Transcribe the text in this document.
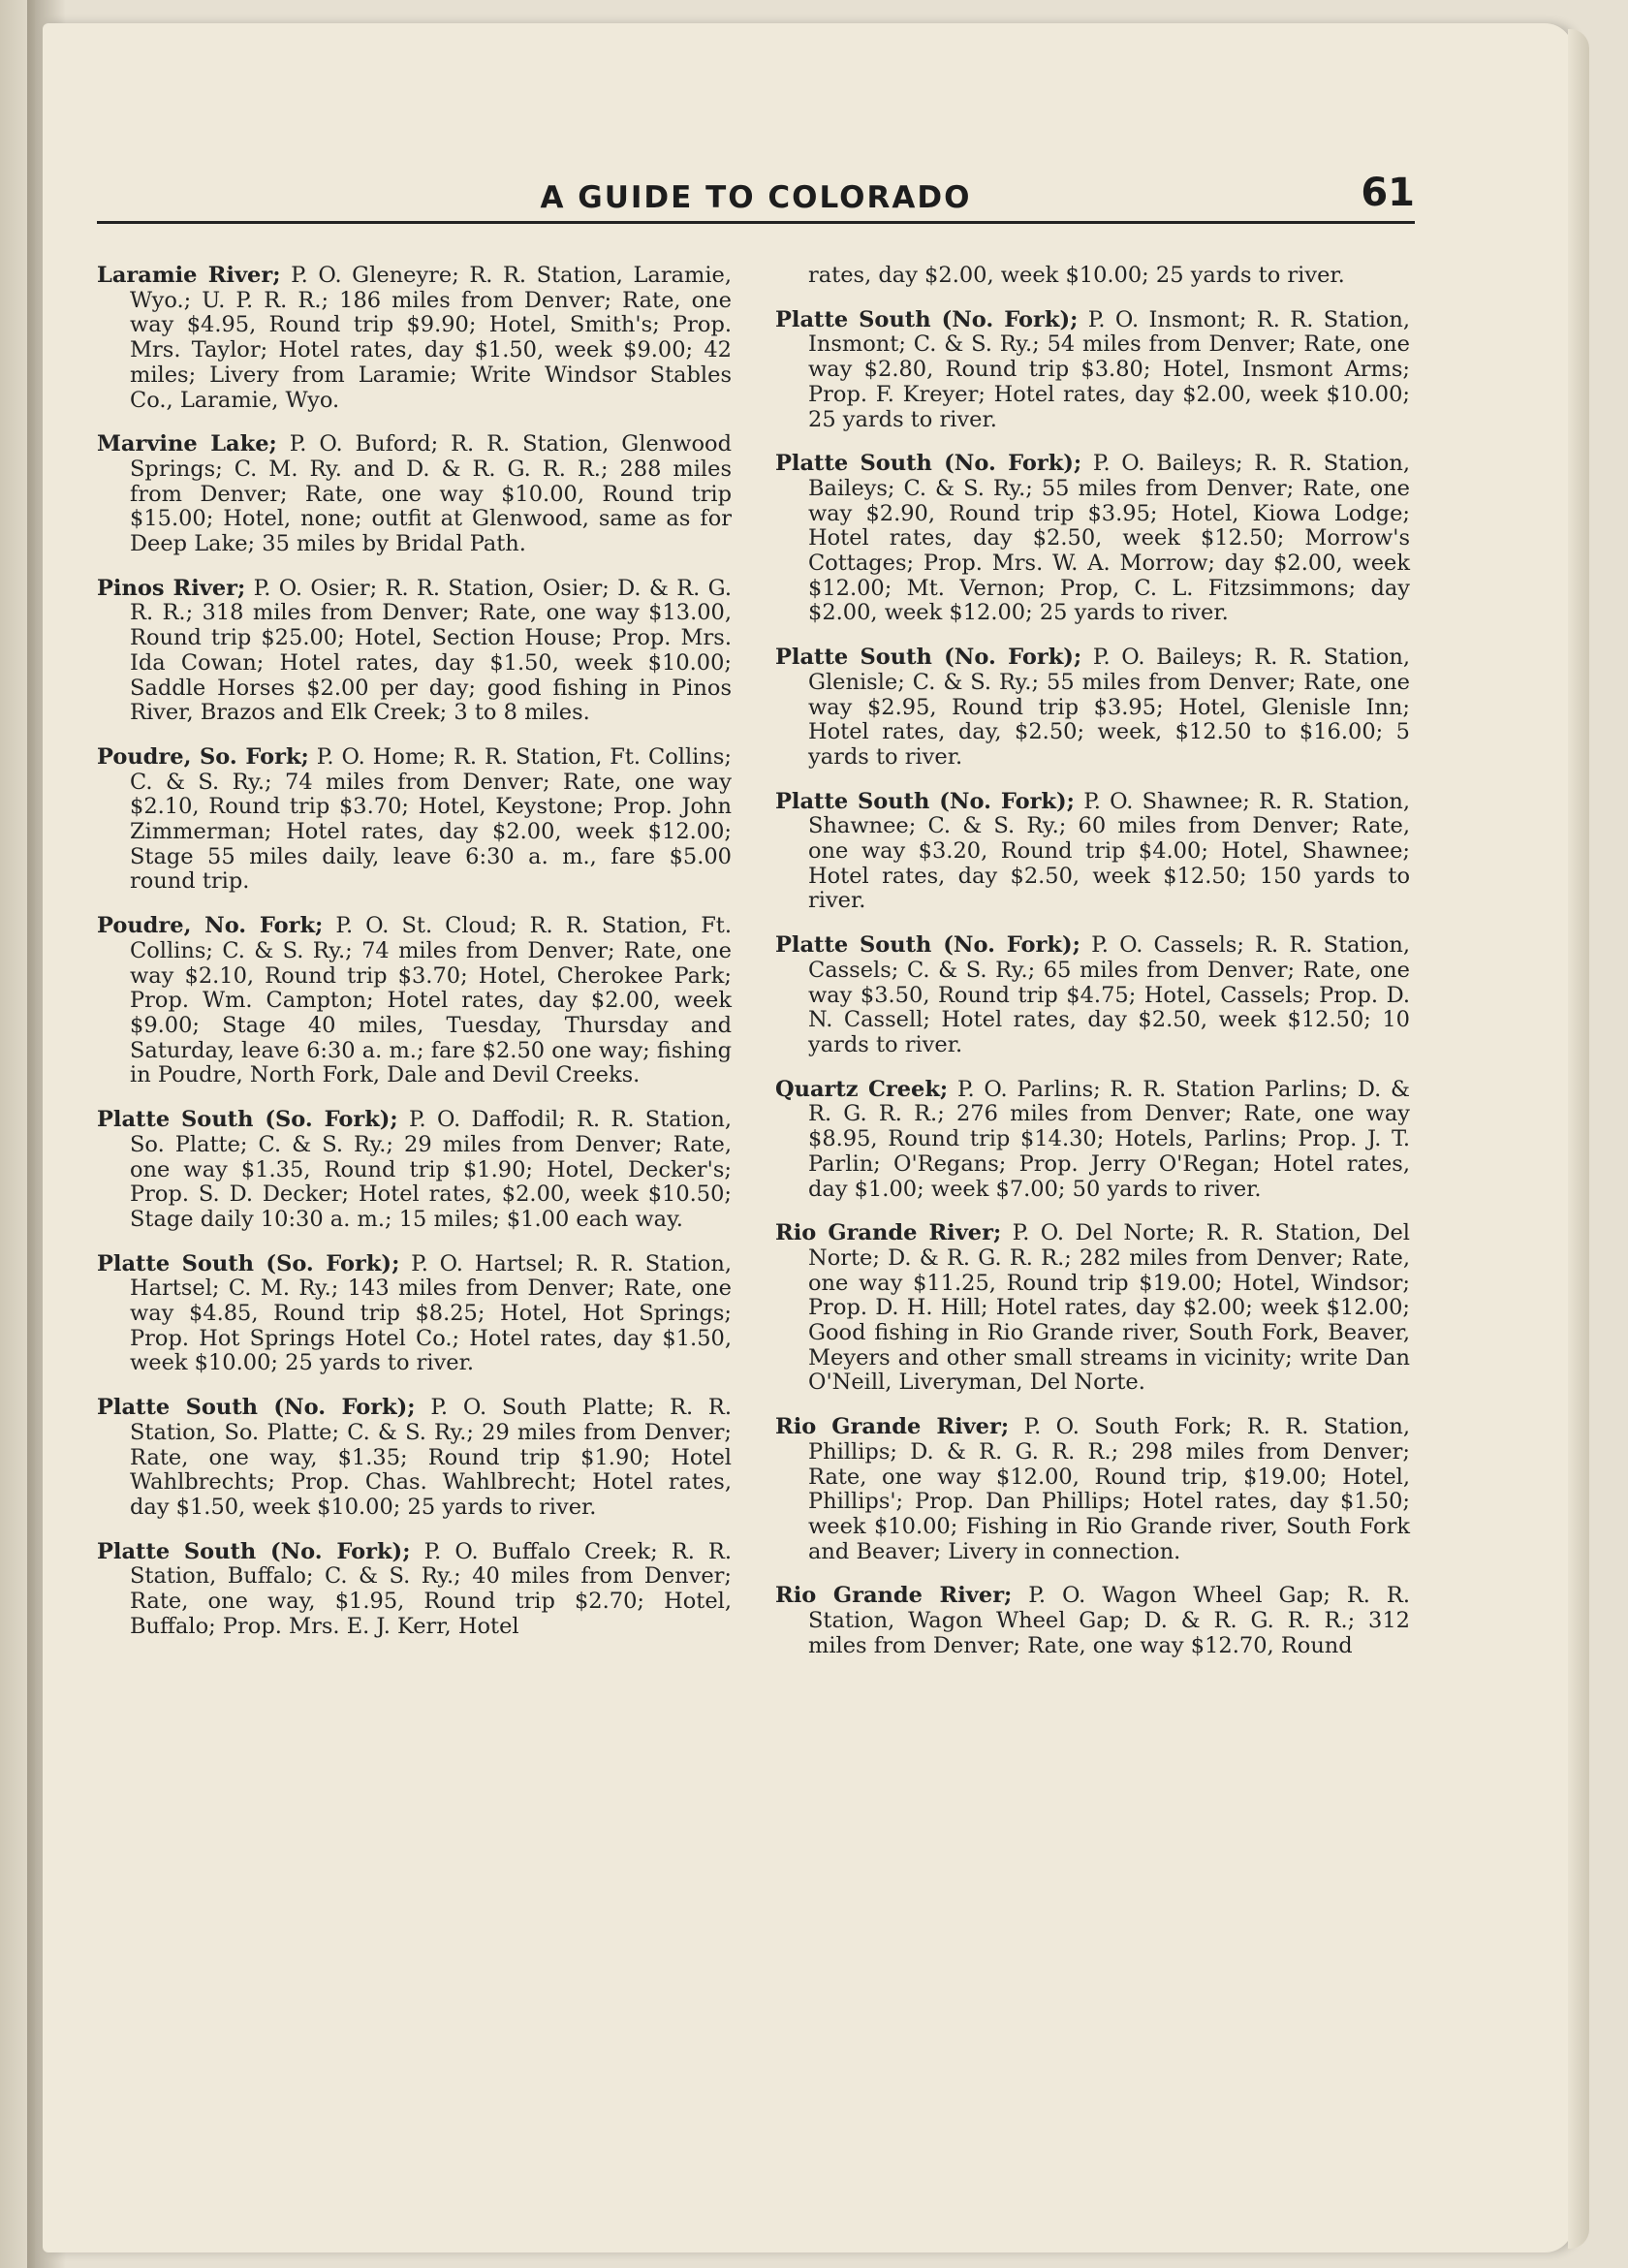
A GUIDE TO COLORADO	61

Laramie River; P. O. Gleneyre; R. R. Station, Laramie, Wyo.; U. P. R. R.; 186 miles from Denver; Rate, one way $4.95, Round trip $9.90; Hotel, Smith's; Prop. Mrs. Taylor; Hotel rates, day $1.50, week $9.00; 42 miles; Livery from Laramie; Write Windsor Stables Co., Laramie, Wyo.

Marvine Lake; P. O. Buford; R. R. Station, Glenwood Springs; C. M. Ry. and D. & R. G. R. R.; 288 miles from Denver; Rate, one way $10.00, Round trip $15.00; Hotel, none; outfit at Glenwood, same as for Deep Lake; 35 miles by Bridal Path.

Pinos River; P. O. Osier; R. R. Station, Osier; D. & R. G. R. R.; 318 miles from Denver; Rate, one way $13.00, Round trip $25.00; Hotel, Section House; Prop. Mrs. Ida Cowan; Hotel rates, day $1.50, week $10.00; Saddle Horses $2.00 per day; good fishing in Pinos River, Brazos and Elk Creek; 3 to 8 miles.

Poudre, So. Fork; P. O. Home; R. R. Station, Ft. Collins; C. & S. Ry.; 74 miles from Denver; Rate, one way $2.10, Round trip $3.70; Hotel, Keystone; Prop. John Zimmerman; Hotel rates, day $2.00, week $12.00; Stage 55 miles daily, leave 6:30 a. m., fare $5.00 round trip.

Poudre, No. Fork; P. O. St. Cloud; R. R. Station, Ft. Collins; C. & S. Ry.; 74 miles from Denver; Rate, one way $2.10, Round trip $3.70; Hotel, Cherokee Park; Prop. Wm. Campton; Hotel rates, day $2.00, week $9.00; Stage 40 miles, Tuesday, Thursday and Saturday, leave 6:30 a. m.; fare $2.50 one way; fishing in Poudre, North Fork, Dale and Devil Creeks.

Platte South (So. Fork); P. O. Daffodil; R. R. Station, So. Platte; C. & S. Ry.; 29 miles from Denver; Rate, one way $1.35, Round trip $1.90; Hotel, Decker's; Prop. S. D. Decker; Hotel rates, $2.00, week $10.50; Stage daily 10:30 a. m.; 15 miles; $1.00 each way.

Platte South (So. Fork); P. O. Hartsel; R. R. Station, Hartsel; C. M. Ry.; 143 miles from Denver; Rate, one way $4.85, Round trip $8.25; Hotel, Hot Springs; Prop. Hot Springs Hotel Co.; Hotel rates, day $1.50, week $10.00; 25 yards to river.

Platte South (No. Fork); P. O. South Platte; R. R. Station, So. Platte; C. & S. Ry.; 29 miles from Denver; Rate, one way, $1.35; Round trip $1.90; Hotel Wahlbrechts; Prop. Chas. Wahlbrecht; Hotel rates, day $1.50, week $10.00; 25 yards to river.

Platte South (No. Fork); P. O. Buffalo Creek; R. R. Station, Buffalo; C. & S. Ry.; 40 miles from Denver; Rate, one way, $1.95, Round trip $2.70; Hotel, Buffalo; Prop. Mrs. E. J. Kerr, Hotel

rates, day $2.00, week $10.00; 25 yards to river.

Platte South (No. Fork); P. O. Insmont; R. R. Station, Insmont; C. & S. Ry.; 54 miles from Denver; Rate, one way $2.80, Round trip $3.80; Hotel, Insmont Arms; Prop. F. Kreyer; Hotel rates, day $2.00, week $10.00; 25 yards to river.

Platte South (No. Fork); P. O. Baileys; R. R. Station, Baileys; C. & S. Ry.; 55 miles from Denver; Rate, one way $2.90, Round trip $3.95; Hotel, Kiowa Lodge; Hotel rates, day $2.50, week $12.50; Morrow's Cottages; Prop. Mrs. W. A. Morrow; day $2.00, week $12.00; Mt. Vernon; Prop, C. L. Fitzsimmons; day $2.00, week $12.00; 25 yards to river.

Platte South (No. Fork); P. O. Baileys; R. R. Station, Glenisle; C. & S. Ry.; 55 miles from Denver; Rate, one way $2.95, Round trip $3.95; Hotel, Glenisle Inn; Hotel rates, day, $2.50; week, $12.50 to $16.00; 5 yards to river.

Platte South (No. Fork); P. O. Shawnee; R. R. Station, Shawnee; C. & S. Ry.; 60 miles from Denver; Rate, one way $3.20, Round trip $4.00; Hotel, Shawnee; Hotel rates, day $2.50, week $12.50; 150 yards to river.

Platte South (No. Fork); P. O. Cassels; R. R. Station, Cassels; C. & S. Ry.; 65 miles from Denver; Rate, one way $3.50, Round trip $4.75; Hotel, Cassels; Prop. D. N. Cassell; Hotel rates, day $2.50, week $12.50; 10 yards to river.

Quartz Creek; P. O. Parlins; R. R. Station Parlins; D. & R. G. R. R.; 276 miles from Denver; Rate, one way $8.95, Round trip $14.30; Hotels, Parlins; Prop. J. T. Parlin; O'Regans; Prop. Jerry O'Regan; Hotel rates, day $1.00; week $7.00; 50 yards to river.

Rio Grande River; P. O. Del Norte; R. R. Station, Del Norte; D. & R. G. R. R.; 282 miles from Denver; Rate, one way $11.25, Round trip $19.00; Hotel, Windsor; Prop. D. H. Hill; Hotel rates, day $2.00; week $12.00; Good fishing in Rio Grande river, South Fork, Beaver, Meyers and other small streams in vicinity; write Dan O'Neill, Liveryman, Del Norte.

Rio Grande River; P. O. South Fork; R. R. Station, Phillips; D. & R. G. R. R.; 298 miles from Denver; Rate, one way $12.00, Round trip, $19.00; Hotel, Phillips'; Prop. Dan Phillips; Hotel rates, day $1.50; week $10.00; Fishing in Rio Grande river, South Fork and Beaver; Livery in connection.

Rio Grande River; P. O. Wagon Wheel Gap; R. R. Station, Wagon Wheel Gap; D. & R. G. R. R.; 312 miles from Denver; Rate, one way $12.70, Round
